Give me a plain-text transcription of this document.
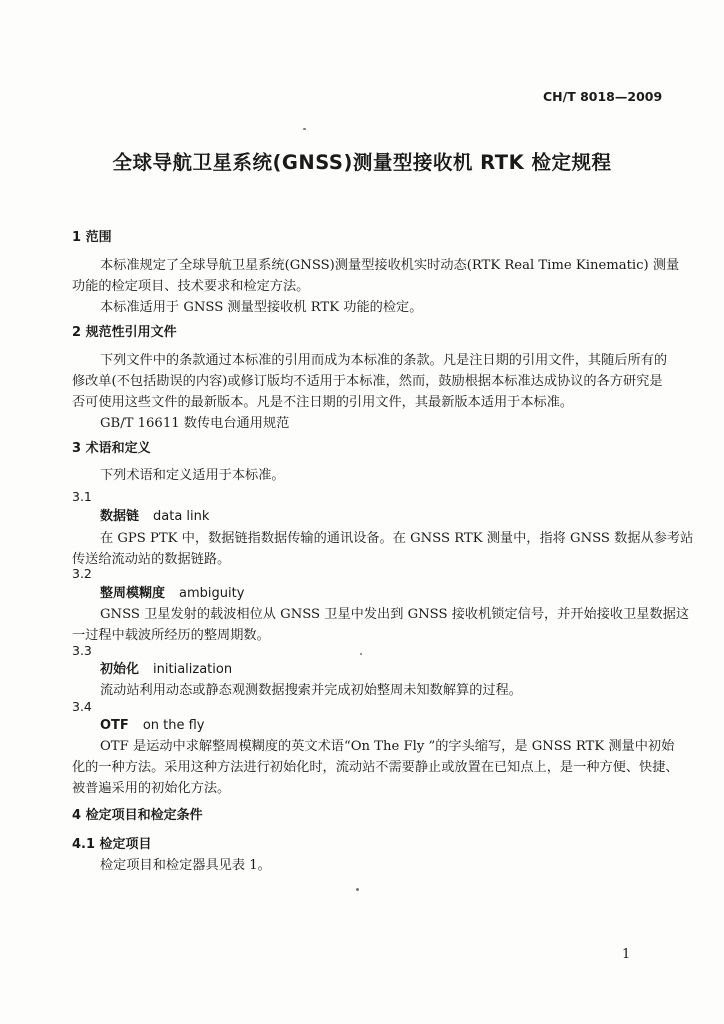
CH/T 8018—2009

全球导航卫星系统(GNSS)测量型接收机 RTK 检定规程

1 范围

本标准规定了全球导航卫星系统(GNSS)测量型接收机实时动态(RTK Real Time Kinematic) 测量

功能的检定项目、技术要求和检定方法。

本标准适用于 GNSS 测量型接收机 RTK 功能的检定。

2 规范性引用文件

下列文件中的条款通过本标准的引用而成为本标准的条款。凡是注日期的引用文件，其随后所有的

修改单(不包括勘误的内容)或修订版均不适用于本标准，然而，鼓励根据本标准达成协议的各方研究是

否可使用这些文件的最新版本。凡是不注日期的引用文件，其最新版本适用于本标准。

GB/T 16611 数传电台通用规范

3 术语和定义

下列术语和定义适用于本标准。

3.1

数据链 data link

在 GPS PTK 中，数据链指数据传输的通讯设备。在 GNSS RTK 测量中，指将 GNSS 数据从参考站

传送给流动站的数据链路。

3.2

整周模糊度 ambiguity

GNSS 卫星发射的载波相位从 GNSS 卫星中发出到 GNSS 接收机锁定信号，并开始接收卫星数据这

一过程中载波所经历的整周期数。

3.3

初始化 initialization

流动站利用动态或静态观测数据搜索并完成初始整周未知数解算的过程。

3.4

OTF on the fly

OTF 是运动中求解整周模糊度的英文术语“On The Fly ”的字头缩写，是 GNSS RTK 测量中初始

化的一种方法。采用这种方法进行初始化时，流动站不需要静止或放置在已知点上，是一种方便、快捷、

被普遍采用的初始化方法。

4 检定项目和检定条件

4.1 检定项目

检定项目和检定器具见表 1。

1
